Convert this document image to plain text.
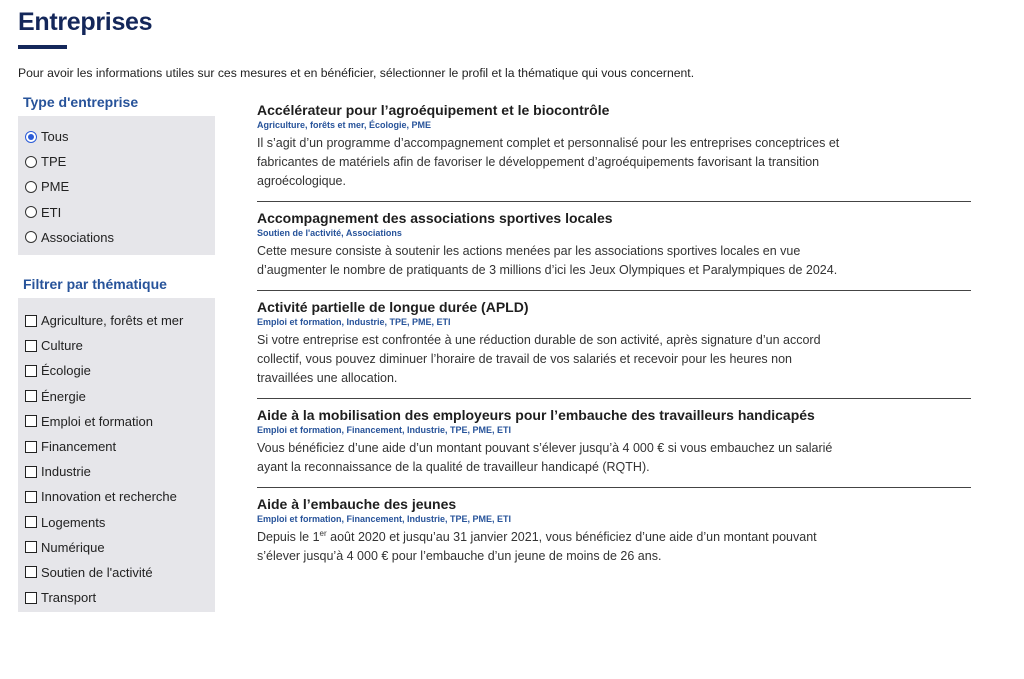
Entreprises

Pour avoir les informations utiles sur ces mesures et en bénéficier, sélectionner le profil et la thématique qui vous concernent.

Type d'entreprise
Tous
TPE
PME
ETI
Associations
Filtrer par thématique
Agriculture, forêts et mer
Culture
Écologie
Énergie
Emploi et formation
Financement
Industrie
Innovation et recherche
Logements
Numérique
Soutien de l'activité
Transport
Accélérateur pour l’agroéquipement et le biocontrôle
Agriculture, forêts et mer, Écologie, PME

Il s’agit d’un programme d’accompagnement complet et personnalisé pour les entreprises conceptrices et fabricantes de matériels afin de favoriser le développement d’agroéquipements favorisant la transition agroécologique.

Accompagnement des associations sportives locales
Soutien de l'activité, Associations

Cette mesure consiste à soutenir les actions menées par les associations sportives locales en vue d’augmenter le nombre de pratiquants de 3 millions d’ici les Jeux Olympiques et Paralympiques de 2024.

Activité partielle de longue durée (APLD)
Emploi et formation, Industrie, TPE, PME, ETI

Si votre entreprise est confrontée à une réduction durable de son activité, après signature d’un accord collectif, vous pouvez diminuer l’horaire de travail de vos salariés et recevoir pour les heures non travaillées une allocation.

Aide à la mobilisation des employeurs pour l’embauche des travailleurs handicapés
Emploi et formation, Financement, Industrie, TPE, PME, ETI

Vous bénéficiez d’une aide d’un montant pouvant s’élever jusqu’à 4 000 € si vous embauchez un salarié ayant la reconnaissance de la qualité de travailleur handicapé (RQTH).

Aide à l’embauche des jeunes
Emploi et formation, Financement, Industrie, TPE, PME, ETI

Depuis le 1er août 2020 et jusqu’au 31 janvier 2021, vous bénéficiez d’une aide d’un montant pouvant s’élever jusqu’à 4 000 € pour l’embauche d’un jeune de moins de 26 ans.
